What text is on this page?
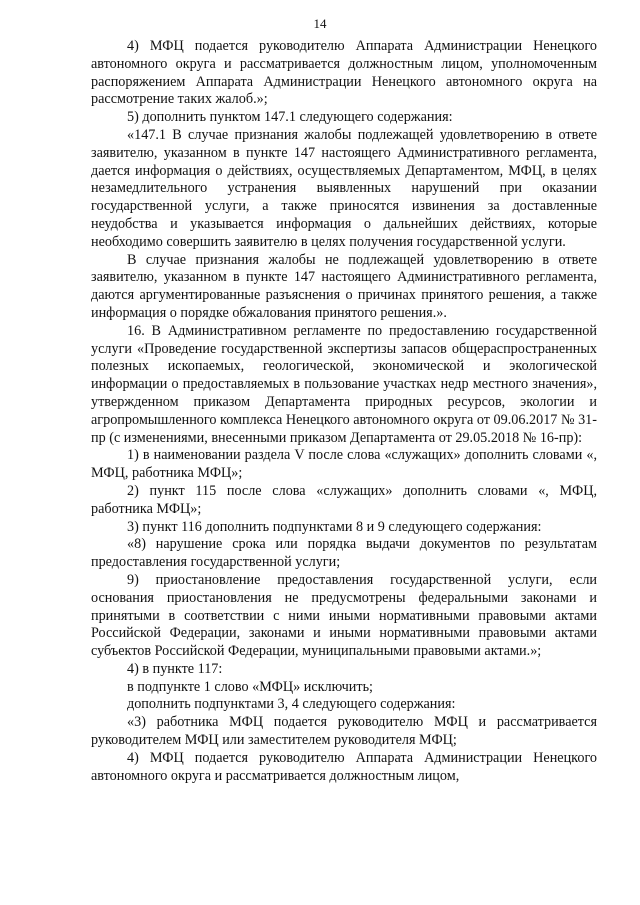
14

4) МФЦ подается руководителю Аппарата Администрации Ненецкого автономного округа и рассматривается должностным лицом, уполномоченным распоряжением Аппарата Администрации Ненецкого автономного округа на рассмотрение таких жалоб.»;

5) дополнить пунктом 147.1 следующего содержания:

«147.1 В случае признания жалобы подлежащей удовлетворению в ответе заявителю, указанном в пункте 147 настоящего Административного регламента, дается информация о действиях, осуществляемых Департаментом, МФЦ, в целях незамедлительного устранения выявленных нарушений при оказании государственной услуги, а также приносятся извинения за доставленные неудобства и указывается информация о дальнейших действиях, которые необходимо совершить заявителю в целях получения государственной услуги.

В случае признания жалобы не подлежащей удовлетворению в ответе заявителю, указанном в пункте 147 настоящего Административного регламента, даются аргументированные разъяснения о причинах принятого решения, а также информация о порядке обжалования принятого решения.».

16. В Административном регламенте по предоставлению государственной услуги «Проведение государственной экспертизы запасов общераспространенных полезных ископаемых, геологической, экономической и экологической информации о предоставляемых в пользование участках недр местного значения», утвержденном приказом Департамента природных ресурсов, экологии и агропромышленного комплекса Ненецкого автономного округа от 09.06.2017 № 31-пр (с изменениями, внесенными приказом Департамента от 29.05.2018 № 16-пр):

1) в наименовании раздела V после слова «служащих» дополнить словами «, МФЦ, работника МФЦ»;

2) пункт 115 после слова «служащих» дополнить словами «, МФЦ, работника МФЦ»;

3) пункт 116 дополнить подпунктами 8 и 9 следующего содержания:

«8) нарушение срока или порядка выдачи документов по результатам предоставления государственной услуги;

9) приостановление предоставления государственной услуги, если основания приостановления не предусмотрены федеральными законами и принятыми в соответствии с ними иными нормативными правовыми актами Российской Федерации, законами и иными нормативными правовыми актами субъектов Российской Федерации, муниципальными правовыми актами.»;

4) в пункте 117:

в подпункте 1 слово «МФЦ» исключить;

дополнить подпунктами 3, 4 следующего содержания:

«3) работника МФЦ подается руководителю МФЦ и рассматривается руководителем МФЦ или заместителем руководителя МФЦ;

4) МФЦ подается руководителю Аппарата Администрации Ненецкого автономного округа и рассматривается должностным лицом,
